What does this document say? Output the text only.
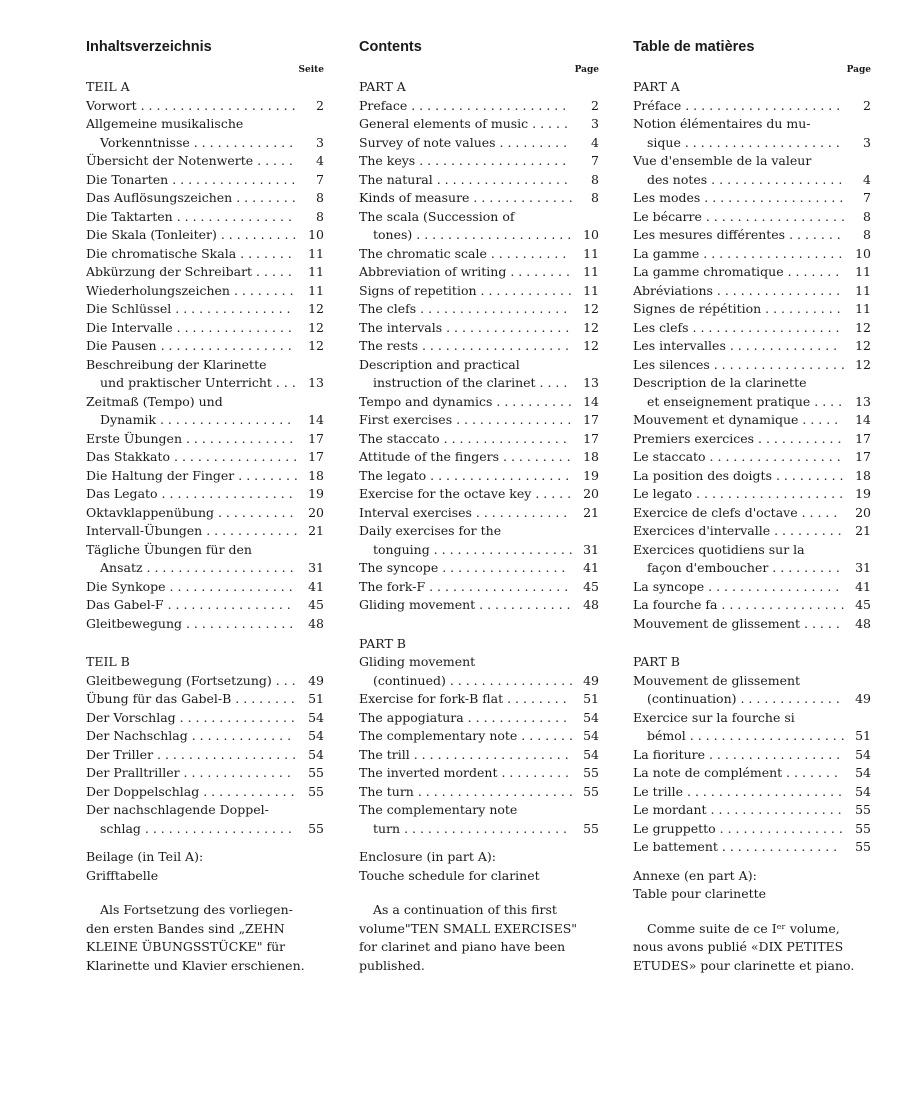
Inhaltsverzeichnis
Seite
TEIL A
Vorwort . . .	2
Allgemeine musikalische
Vorkenntnisse . . .	3
Übersicht der Notenwerte . . .	4
Die Tonarten . . .	7
Das Auflösungszeichen . . .	8
Die Taktarten . . .	8
Die Skala (Tonleiter) . . .	10
Die chromatische Skala . . .	11
Abkürzung der Schreibart . . .	11
Wiederholungszeichen . . .	11
Die Schlüssel . . .	12
Die Intervalle . . .	12
Die Pausen . . .	12
Beschreibung der Klarinette
und praktischer Unterricht . . .	13
Zeitmaß (Tempo) und
Dynamik . . .	14
Erste Übungen . . .	17
Das Stakkato . . .	17
Die Haltung der Finger . . .	18
Das Legato . . .	19
Oktavklappenübung . . .	20
Intervall-Übungen . . .	21
Tägliche Übungen für den
Ansatz . . .	31
Die Synkope . . .	41
Das Gabel-F . . .	45
Gleitbewegung . . .	48
TEIL B
Gleitbewegung (Fortsetzung) . . .	49
Übung für das Gabel-B . . .	51
Der Vorschlag . . .	54
Der Nachschlag . . .	54
Der Triller . . .	54
Der Pralltriller . . .	55
Der Doppelschlag . . .	55
Der nachschlagende Doppel-
schlag . . .	55
Beilage (in Teil A):
Grifftabelle
Als Fortsetzung des vorliegen-
den ersten Bandes sind „ZEHN
KLEINE ÜBUNGSSTÜCKE" für
Klarinette und Klavier erschienen.
Contents
Page
PART A
Preface . . .	2
General elements of music . . .	3
Survey of note values . . .	4
The keys . . .	7
The natural . . .	8
Kinds of measure . . .	8
The scala (Succession of
tones) . . .	10
The chromatic scale . . .	11
Abbreviation of writing . . .	11
Signs of repetition . . .	11
The clefs . . .	12
The intervals . . .	12
The rests . . .	12
Description and practical
instruction of the clarinet . . .	13
Tempo and dynamics . . .	14
First exercises . . .	17
The staccato . . .	17
Attitude of the fingers . . .	18
The legato . . .	19
Exercise for the octave key . . .	20
Interval exercises . . .	21
Daily exercises for the
tonguing . . .	31
The syncope . . .	41
The fork-F . . .	45
Gliding movement . . .	48
PART B
Gliding movement
(continued) . . .	49
Exercise for fork-B flat . . .	51
The appogiatura . . .	54
The complementary note . . .	54
The trill . . .	54
The inverted mordent . . .	55
The turn . . .	55
The complementary note
turn . . .	55
Enclosure (in part A):
Touche schedule for clarinet
As a continuation of this first
volume"TEN SMALL EXERCISES"
for clarinet and piano have been
published.
Table de matières
Page
PART A
Préface . . .	2
Notion élémentaires du mu-
sique . . .	3
Vue d'ensemble de la valeur
des notes . . .	4
Les modes . . .	7
Le bécarre . . .	8
Les mesures différentes . . .	8
La gamme . . .	10
La gamme chromatique . . .	11
Abréviations . . .	11
Signes de répétition . . .	11
Les clefs . . .	12
Les intervalles . . .	12
Les silences . . .	12
Description de la clarinette
et enseignement pratique . . .	13
Mouvement et dynamique . . .	14
Premiers exercices . . .	17
Le staccato . . .	17
La position des doigts . . .	18
Le legato . . .	19
Exercice de clefs d'octave . . .	20
Exercices d'intervalle . . .	21
Exercices quotidiens sur la
façon d'emboucher . . .	31
La syncope . . .	41
La fourche fa . . .	45
Mouvement de glissement . . .	48
PART B
Mouvement de glissement
(continuation) . . .	49
Exercice sur la fourche si
bémol . . .	51
La fioriture . . .	54
La note de complément . . .	54
Le trille . . .	54
Le mordant . . .	55
Le gruppetto . . .	55
Le battement . . .	55
Annexe (en part A):
Table pour clarinette
Comme suite de ce Iᵉʳ volume,
nous avons publié «DIX PETITES
ETUDES» pour clarinette et piano.
